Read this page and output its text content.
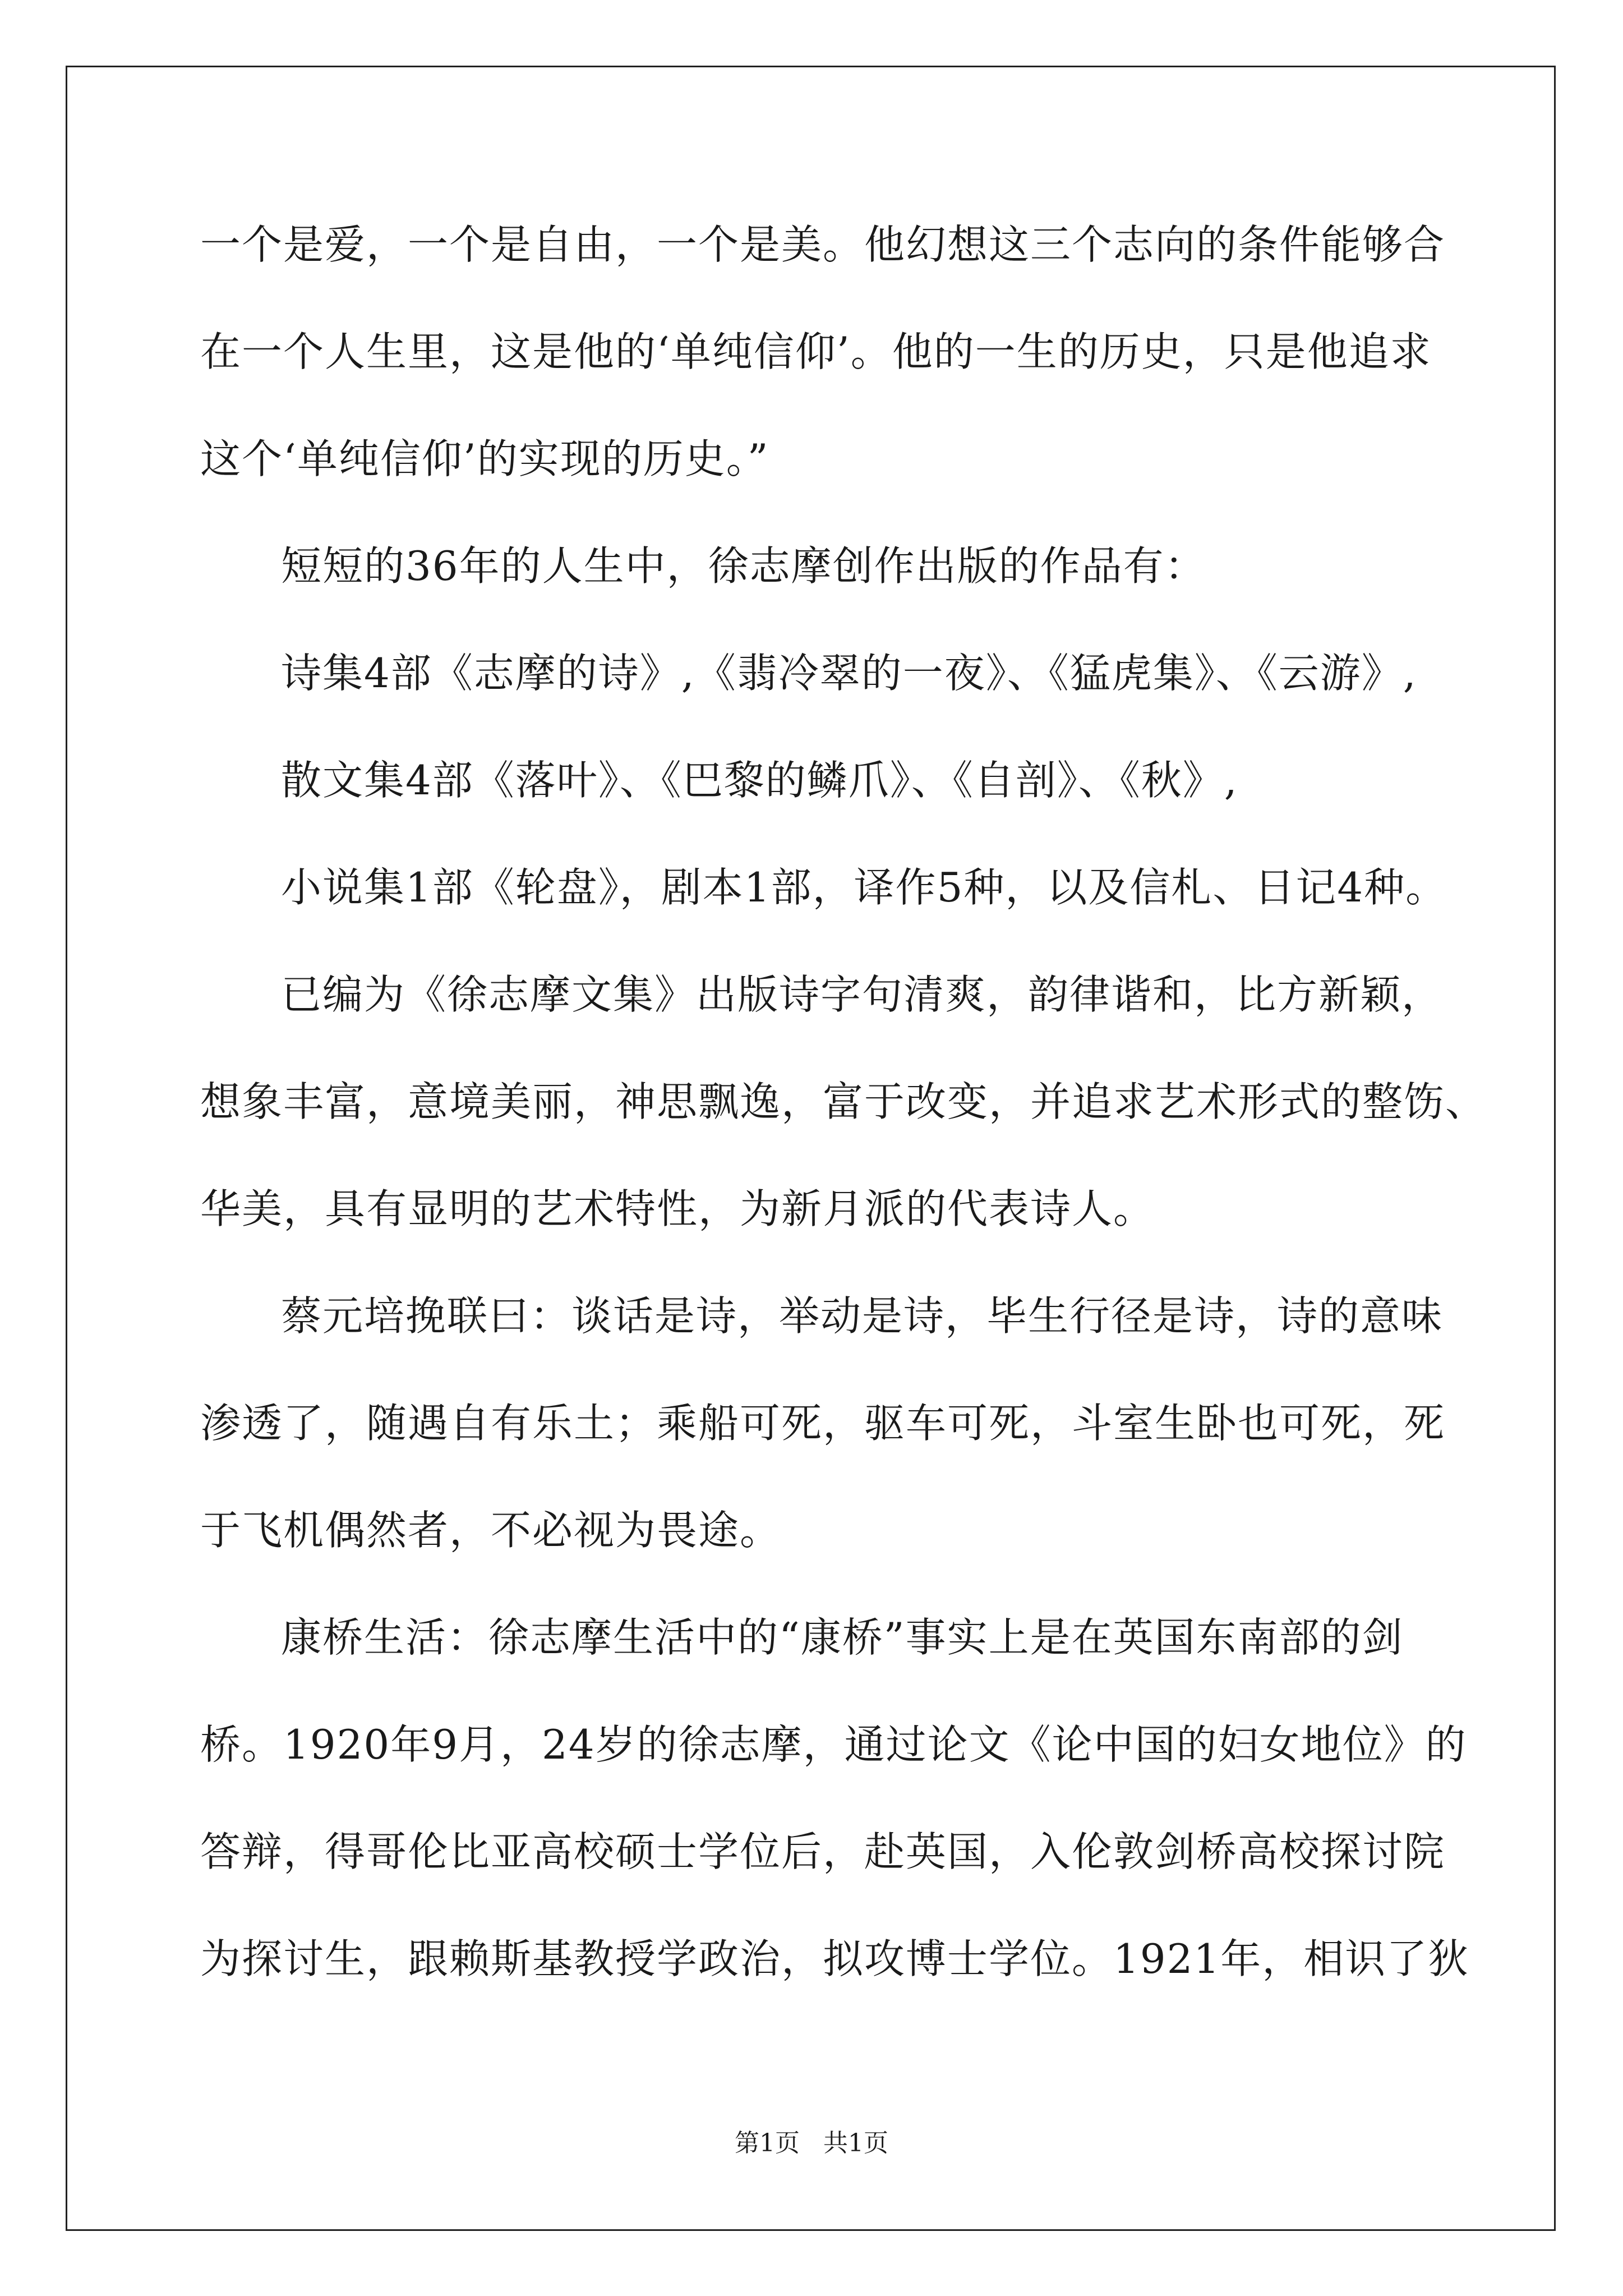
一个是爱，一个是自由，一个是美。他幻想这三个志向的条件能够合
在一个人生里，这是他的‘单纯信仰’。他的一生的历史，只是他追求
这个‘单纯信仰’的实现的历史。”
短短的36年的人生中，徐志摩创作出版的作品有：
诗集4部《志摩的诗》,《翡冷翠的一夜》、《猛虎集》、《云游》,
散文集4部《落叶》、《巴黎的鳞爪》、《自剖》、《秋》,
小说集1部《轮盘》，剧本1部，译作5种，以及信札、日记4种。
已编为《徐志摩文集》出版诗字句清爽，韵律谐和，比方新颖，
想象丰富，意境美丽，神思飘逸，富于改变，并追求艺术形式的整饬、
华美，具有显明的艺术特性，为新月派的代表诗人。
蔡元培挽联曰：谈话是诗，举动是诗，毕生行径是诗，诗的意味
渗透了，随遇自有乐土；乘船可死，驱车可死，斗室生卧也可死，死
于飞机偶然者，不必视为畏途。
康桥生活：徐志摩生活中的“康桥”事实上是在英国东南部的剑
桥。1920年9月，24岁的徐志摩，通过论文《论中国的妇女地位》的
答辩，得哥伦比亚高校硕士学位后，赴英国，入伦敦剑桥高校探讨院
为探讨生，跟赖斯基教授学政治，拟攻博士学位。1921年，相识了狄
第1页   共1页
